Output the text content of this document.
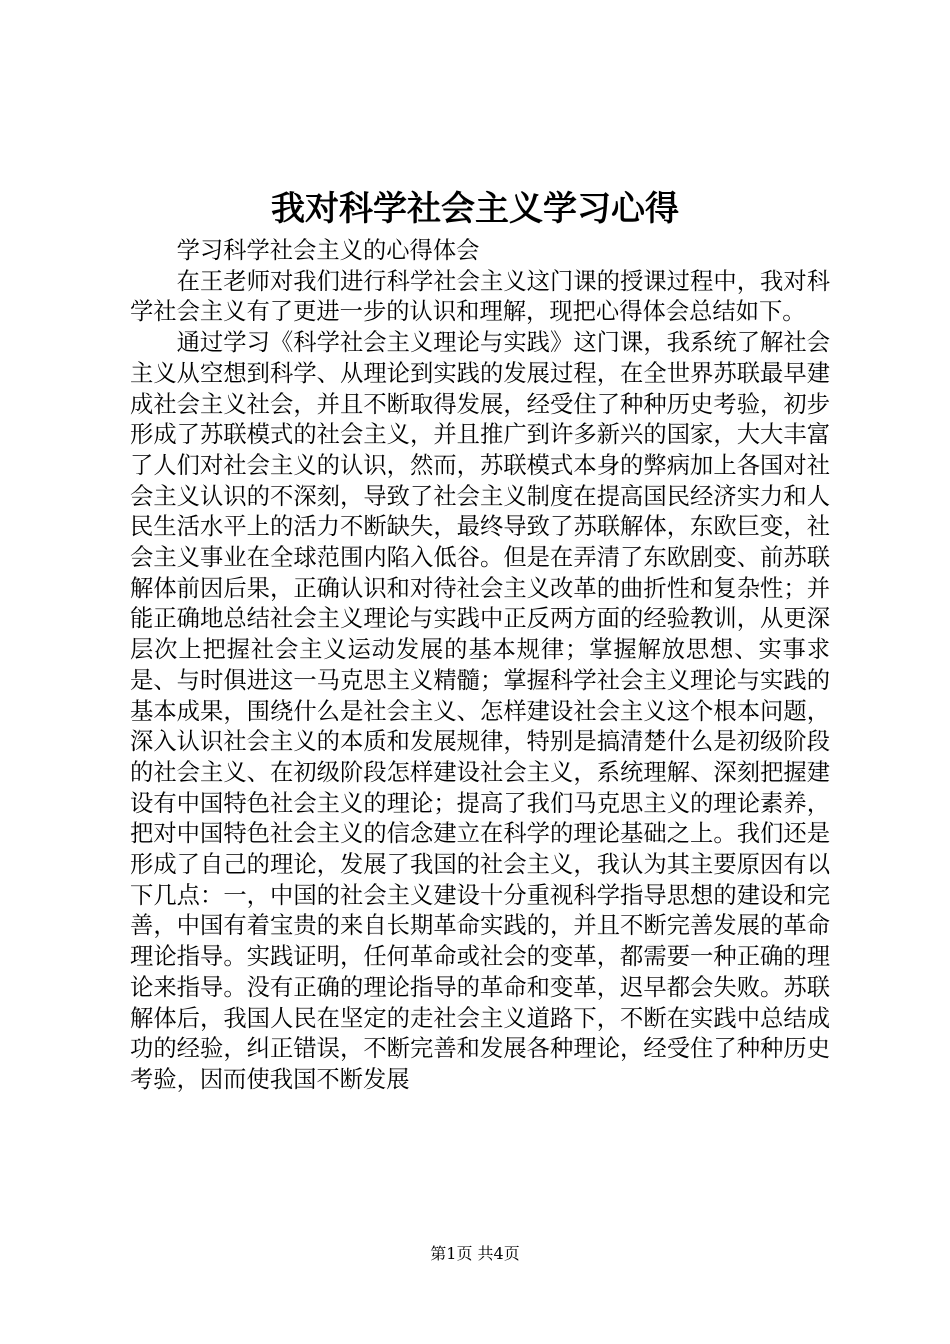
我对科学社会主义学习心得

学习科学社会主义的心得体会

在王老师对我们进行科学社会主义这门课的授课过程中，我对科学社会主义有了更进一步的认识和理解，现把心得体会总结如下。

通过学习《科学社会主义理论与实践》这门课，我系统了解社会主义从空想到科学、从理论到实践的发展过程，在全世界苏联最早建成社会主义社会，并且不断取得发展，经受住了种种历史考验，初步形成了苏联模式的社会主义，并且推广到许多新兴的国家，大大丰富了人们对社会主义的认识，然而，苏联模式本身的弊病加上各国对社会主义认识的不深刻，导致了社会主义制度在提高国民经济实力和人民生活水平上的活力不断缺失，最终导致了苏联解体，东欧巨变，社会主义事业在全球范围内陷入低谷。但是在弄清了东欧剧变、前苏联解体前因后果，正确认识和对待社会主义改革的曲折性和复杂性；并能正确地总结社会主义理论与实践中正反两方面的经验教训，从更深层次上把握社会主义运动发展的基本规律；掌握解放思想、实事求是、与时俱进这一马克思主义精髓；掌握科学社会主义理论与实践的基本成果，围绕什么是社会主义、怎样建设社会主义这个根本问题，深入认识社会主义的本质和发展规律，特别是搞清楚什么是初级阶段的社会主义、在初级阶段怎样建设社会主义，系统理解、深刻把握建设有中国特色社会主义的理论；提高了我们马克思主义的理论素养，把对中国特色社会主义的信念建立在科学的理论基础之上。我们还是形成了自己的理论，发展了我国的社会主义，我认为其主要原因有以下几点：一，中国的社会主义建设十分重视科学指导思想的建设和完善，中国有着宝贵的来自长期革命实践的，并且不断完善发展的革命理论指导。实践证明，任何革命或社会的变革，都需要一种正确的理论来指导。没有正确的理论指导的革命和变革，迟早都会失败。苏联解体后，我国人民在坚定的走社会主义道路下，不断在实践中总结成功的经验，纠正错误，不断完善和发展各种理论，经受住了种种历史考验，因而使我国不断发展

第1页 共4页
